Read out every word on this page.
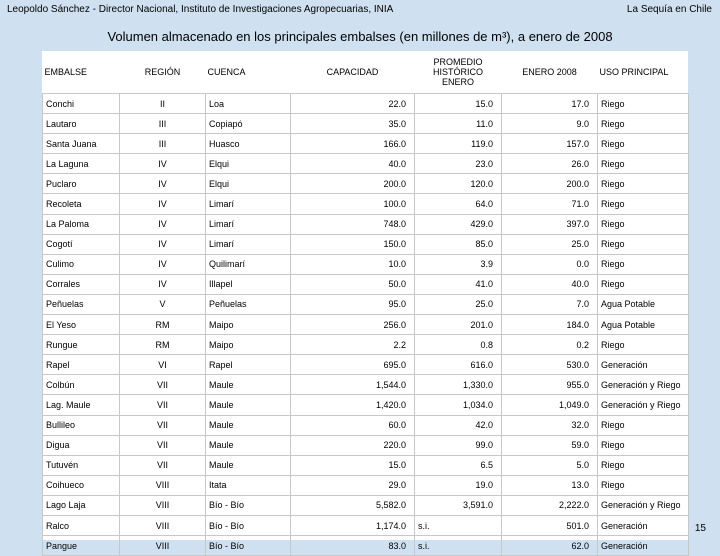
Leopoldo Sánchez - Director Nacional, Instituto de Investigaciones Agropecuarias, INIA	La Sequía en Chile
Volumen almacenado en los principales embalses (en millones de m³), a enero de 2008
EMBALSE	REGIÓN	CUENCA	CAPACIDAD	PROMEDIO HISTÓRICO ENERO	ENERO 2008	USO PRINCIPAL
Conchi	II	Loa	22.0	15.0	17.0	Riego
Lautaro	III	Copiapó	35.0	11.0	9.0	Riego
Santa Juana	III	Huasco	166.0	119.0	157.0	Riego
La Laguna	IV	Elqui	40.0	23.0	26.0	Riego
Puclaro	IV	Elqui	200.0	120.0	200.0	Riego
Recoleta	IV	Limarí	100.0	64.0	71.0	Riego
La Paloma	IV	Limarí	748.0	429.0	397.0	Riego
Cogotí	IV	Limarí	150.0	85.0	25.0	Riego
Culimo	IV	Quilimarí	10.0	3.9	0.0	Riego
Corrales	IV	Illapel	50.0	41.0	40.0	Riego
Peñuelas	V	Peñuelas	95.0	25.0	7.0	Agua Potable
El Yeso	RM	Maipo	256.0	201.0	184.0	Agua Potable
Rungue	RM	Maipo	2.2	0.8	0.2	Riego
Rapel	VI	Rapel	695.0	616.0	530.0	Generación
Colbún	VII	Maule	1,544.0	1,330.0	955.0	Generación y Riego
Lag. Maule	VII	Maule	1,420.0	1,034.0	1,049.0	Generación y Riego
Bullileo	VII	Maule	60.0	42.0	32.0	Riego
Digua	VII	Maule	220.0	99.0	59.0	Riego
Tutuvén	VII	Maule	15.0	6.5	5.0	Riego
Coihueco	VIII	Itata	29.0	19.0	13.0	Riego
Lago Laja	VIII	Bío - Bío	5,582.0	3,591.0	2,222.0	Generación y Riego
Ralco	VIII	Bío - Bío	1,174.0	s.i.	501.0	Generación
Pangue	VIII	Bío - Bío	83.0	s.i.	62.0	Generación
15
